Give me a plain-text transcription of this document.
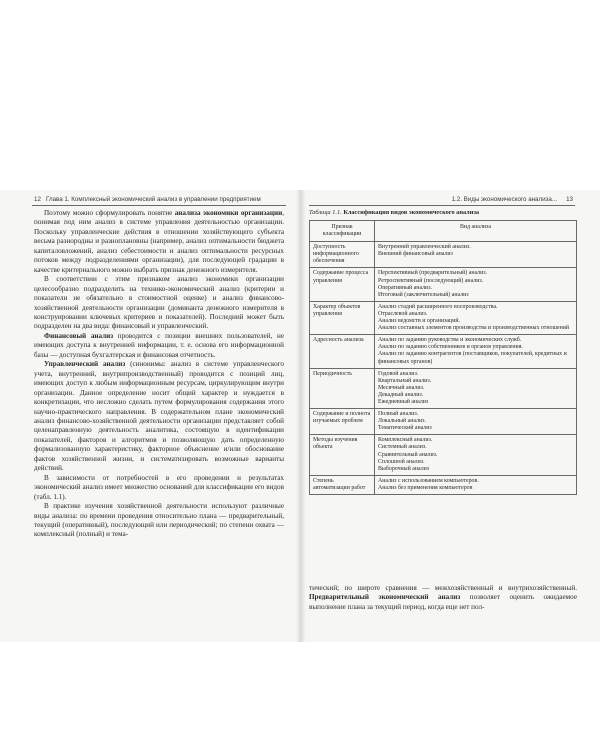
12 Глава 1. Комплексный экономический анализ в управлении предприятием

Поэтому можно сформулировать понятие анализа экономики организации, понимая под ним анализ в системе управления деятельностью организации. Поскольку управленческие действия в отношении хозяйствующего субъекта весьма разнородны и разноплановны (например, анализ оптимальности бюджета капиталовложений, анализ себестоимости и анализ оптимальности ресурсных потоков между подразделениями организации), для последующей градации в качестве критериального можно выбрать признак денежного измерителя.

В соответствии с этим признаком анализ экономики организации целесообразно подразделить на технико-экономический анализ (критерии и показатели не обязательно в стоимостной оценке) и анализ финансово-хозяйственной деятельности организации (доминанта денежного измерителя в конструировании ключевых критериев и показателей). Последний может быть подразделен на два вида: финансовый и управленческий.

Финансовый анализ проводится с позиции внешних пользователей, не имеющих доступа к внутренней информации, т. е. основа его информационной базы — доступная бухгалтерская и финансовая отчетность.

Управленческий анализ (синонимы: анализ в системе управленческого учета, внутренний, внутрипроизводственный) проводится с позиций лиц, имеющих доступ к любым информационным ресурсам, циркулирующим внутри организации. Данное определение носит общий характер и нуждается в конкретизации, что несложно сделать путем формулирования содержания этого научно-практического направления. В содержательном плане экономический анализ финансово-хозяйственной деятельности организации представляет собой целенаправленную деятельность аналитика, состоящую в идентификации показателей, факторов и алгоритмов и позволяющую дать определенную формализованную характеристику, факторное объяснение и/или обоснование фактов хозяйственной жизни, и систематизировать возможные варианты действий.

В зависимости от потребностей в его проведении и результатах экономический анализ имеет множество оснований для классификации его видов (табл. 1.1).

В практике изучения хозяйственной деятельности используют различные виды анализа: по времени проведения относительно плана — предварительный, текущий (оперативный), последующий или периодический; по степени охвата — комплексный (полный) и тема-

1.2. Виды экономического анализа... 13
Таблица 1.1. Классификация видов экономического анализа
Признак классификации	Вид анализа
Доступность информационного обеспечения	Внутренний управленческий анализ.
Внешний финансовый анализ

Содержание процесса управления	Перспективный (предварительный) анализ.
Ретроспективный (последующий) анализ.
Оперативный анализ.
Итоговый (заключительный) анализ

Характер объектов управления	Анализ стадий расширенного воспроизводства.
Отраслевой анализ.
Анализ ведомств и организаций.
Анализ составных элементов производства и производственных отношений

Адресность анализа	Анализ по заданию руководства и экономических служб.
Анализ по заданию собственников и органов управления.
Анализ по заданию контрагентов (поставщиков, покупателей, кредитных и финансовых органов)

Периодичность	Годовой анализ.
Квартальный анализ.
Месячный анализ.
Декадный анализ.
Ежедневный анализ

Содержание и полнота изучаемых проблем	Полный анализ.
Локальный анализ.
Тематический анализ

Методы изучения объекта	Комплексный анализ.
Системный анализ.
Сравнительный анализ.
Сплошной анализ.
Выборочный анализ

Степень автоматизации работ	Анализ с использованием компьютеров.
Анализ без применения компьютеров

тический; по широте сравнения — межхозяйственный и внутрихозяйственный. Предварительный экономический анализ позволяет оценить ожидаемое выполнение плана за текущий период, когда еще нет пол-
